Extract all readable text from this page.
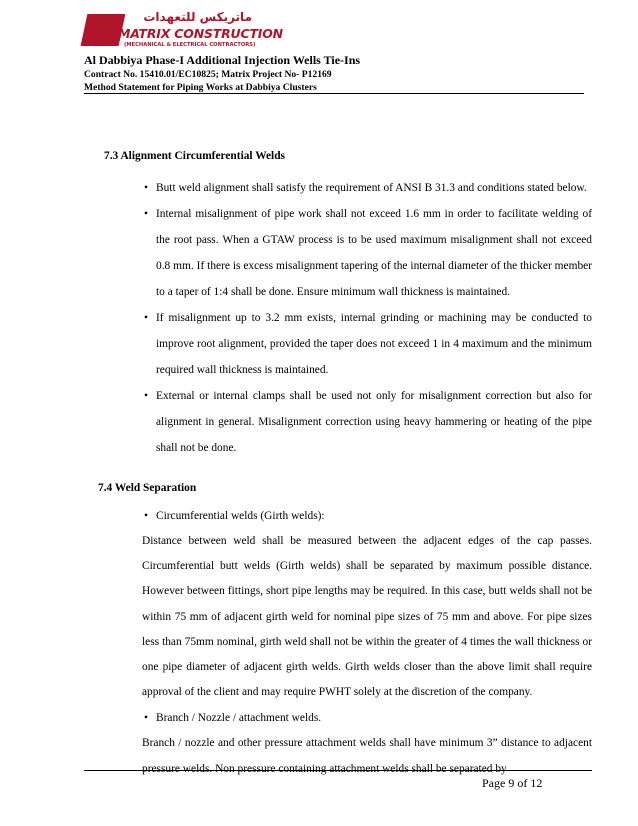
ماتريكس للتعهدات
MATRIX CONSTRUCTION
(MECHANICAL & ELECTRICAL CONTRACTORS)
Al Dabbiya Phase-I Additional Injection Wells Tie-Ins
Contract No. 15410.01/EC10825; Matrix Project No- P12169
Method Statement for Piping Works at Dabbiya Clusters

7.3 Alignment Circumferential Welds

• Butt weld alignment shall satisfy the requirement of ANSI B 31.3 and conditions stated below.

• Internal misalignment of pipe work shall not exceed 1.6 mm in order to facilitate welding of the root pass. When a GTAW process is to be used maximum misalignment shall not exceed 0.8 mm. If there is excess misalignment tapering of the internal diameter of the thicker member to a taper of 1:4 shall be done. Ensure minimum wall thickness is maintained.

• If misalignment up to 3.2 mm exists, internal grinding or machining may be conducted to improve root alignment, provided the taper does not exceed 1 in 4 maximum and the minimum required wall thickness is maintained.

• External or internal clamps shall be used not only for misalignment correction but also for alignment in general. Misalignment correction using heavy hammering or heating of the pipe shall not be done.

7.4 Weld Separation

• Circumferential welds (Girth welds):

Distance between weld shall be measured between the adjacent edges of the cap passes. Circumferential butt welds (Girth welds) shall be separated by maximum possible distance. However between fittings, short pipe lengths may be required. In this case, butt welds shall not be within 75 mm of adjacent girth weld for nominal pipe sizes of 75 mm and above. For pipe sizes less than 75mm nominal, girth weld shall not be within the greater of 4 times the wall thickness or one pipe diameter of adjacent girth welds. Girth welds closer than the above limit shall require approval of the client and may require PWHT solely at the discretion of the company.

• Branch / Nozzle / attachment welds.

Branch / nozzle and other pressure attachment welds shall have minimum 3” distance to adjacent pressure welds. Non pressure containing attachment welds shall be separated by

Page 9 of 12
